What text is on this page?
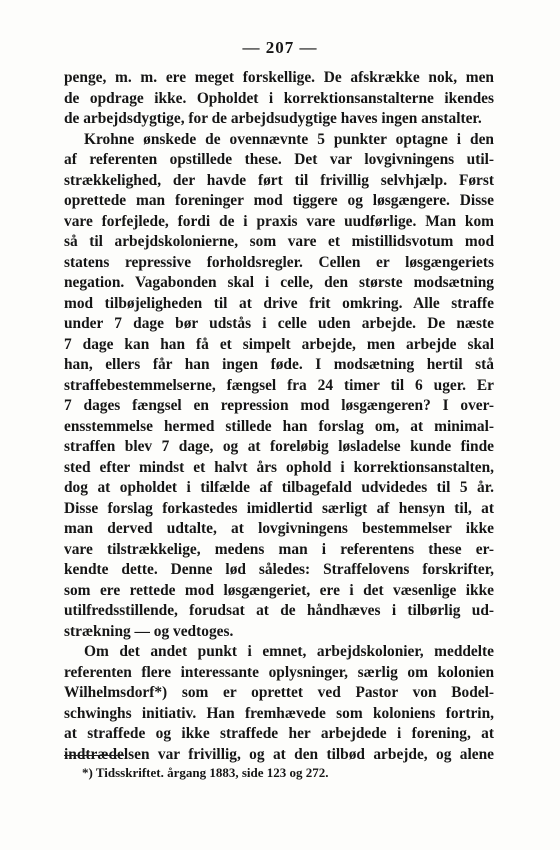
— 207 —
penge, m. m. ere meget forskellige. De afskrække nok, men
de opdrage ikke. Opholdet i korrektionsanstalterne ikendes
de arbejdsdygtige, for de arbejdsudygtige haves ingen anstalter.
Krohne ønskede de ovennævnte 5 punkter optagne i den
af referenten opstillede these. Det var lovgivningens util-
strækkelighed, der havde ført til frivillig selvhjælp. Først
oprettede man foreninger mod tiggere og løsgængere. Disse
vare forfejlede, fordi de i praxis vare uudførlige. Man kom
så til arbejdskolonierne, som vare et mistillidsvotum mod
statens repressive forholdsregler. Cellen er løsgængeriets
negation. Vagabonden skal i celle, den største modsætning
mod tilbøjeligheden til at drive frit omkring. Alle straffe
under 7 dage bør udstås i celle uden arbejde. De næste
7 dage kan han få et simpelt arbejde, men arbejde skal
han, ellers får han ingen føde. I modsætning hertil stå
straffebestemmelserne, fængsel fra 24 timer til 6 uger. Er
7 dages fængsel en repression mod løsgængeren? I over-
ensstemmelse hermed stillede han forslag om, at minimal-
straffen blev 7 dage, og at foreløbig løsladelse kunde finde
sted efter mindst et halvt års ophold i korrektionsanstalten,
dog at opholdet i tilfælde af tilbagefald udvidedes til 5 år.
Disse forslag forkastedes imidlertid særligt af hensyn til, at
man derved udtalte, at lovgivningens bestemmelser ikke
vare tilstrækkelige, medens man i referentens these er-
kendte dette. Denne lød således: Straffelovens forskrifter,
som ere rettede mod løsgængeriet, ere i det væsenlige ikke
utilfredsstillende, forudsat at de håndhæves i tilbørlig ud-
strækning — og vedtoges.
Om det andet punkt i emnet, arbejdskolonier, meddelte
referenten flere interessante oplysninger, særlig om kolonien
Wilhelmsdorf*) som er oprettet ved Pastor von Bodel-
schwinghs initiativ. Han fremhævede som koloniens fortrin,
at straffede og ikke straffede her arbejdede i forening, at
indtrædelsen var frivillig, og at den tilbød arbejde, og alene
*) Tidsskriftet. årgang 1883, side 123 og 272.
